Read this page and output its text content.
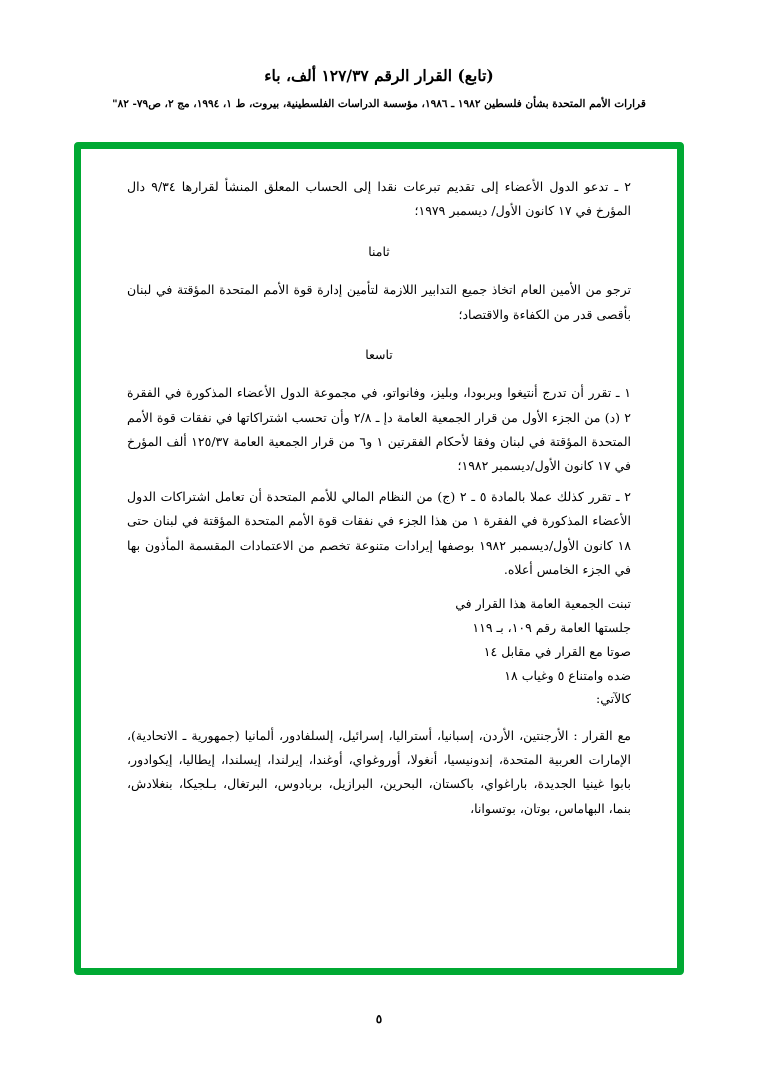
(تابع) القرار الرقم ١٢٧/٣٧ ألف، باء
قرارات الأمم المتحدة بشأن فلسطين ١٩٨٢ ـ ١٩٨٦، مؤسسة الدراسات الفلسطينية، بيروت، ط ١، ١٩٩٤، مج ٢، ص٧٩- ٨٢"

٢ ـ تدعو الدول الأعضاء إلى تقديم تبرعات نقدا إلى الحساب المعلق المنشأ لقرارها ٩/٣٤ دال المؤرخ في ١٧ كانون الأول/ ديسمبر ١٩٧٩؛

ثامنا

ترجو من الأمين العام اتخاذ جميع التدابير اللازمة لتأمين إدارة قوة الأمم المتحدة المؤقتة في لبنان بأقصى قدر من الكفاءة والاقتصاد؛

تاسعا

١ ـ تقرر أن تدرج أنتيغوا وبربودا، وبليز، وفانواتو، في مجموعة الدول الأعضاء المذكورة في الفقرة ٢ (د) من الجزء الأول من قرار الجمعية العامة دإ ـ ٢/٨ وأن تحسب اشتراكاتها في نفقات قوة الأمم المتحدة المؤقتة في لبنان وفقا لأحكام الفقرتين ١ و٦ من قرار الجمعية العامة ١٢٥/٣٧ ألف المؤرخ في ١٧ كانون الأول/ديسمبر ١٩٨٢؛

٢ ـ تقرر كذلك عملا بالمادة ٥ ـ ٢ (ج) من النظام المالي للأمم المتحدة أن تعامل اشتراكات الدول الأعضاء المذكورة في الفقرة ١ من هذا الجزء في نفقات قوة الأمم المتحدة المؤقتة في لبنان حتى ١٨ كانون الأول/ديسمبر ١٩٨٢ بوصفها إيرادات متنوعة تخصم من الاعتمادات المقسمة المأذون بها في الجزء الخامس أعلاه.

تبنت الجمعية العامة هذا القرار في

جلستها العامة رقم ١٠٩، بـ ١١٩

صوتا مع القرار في مقابل ١٤

ضده وامتناع ٥ وغياب ١٨

كالآتي:

مع القرار : الأرجنتين، الأردن، إسبانيا، أستراليا، إسرائيل، إلسلفادور، ألمانيا (جمهورية ـ الاتحادية)، الإمارات العربية المتحدة، إندونيسيا، أنغولا، أوروغواي، أوغندا، إيرلندا، إيسلندا، إيطاليا، إيكوادور، بابوا غينيا الجديدة، باراغواي، باكستان، البحرين، البرازيل، بربادوس، البرتغال، بـلجيكا، بنغلادش، بنما، البهاماس، بوتان، بوتسوانا،

٥
